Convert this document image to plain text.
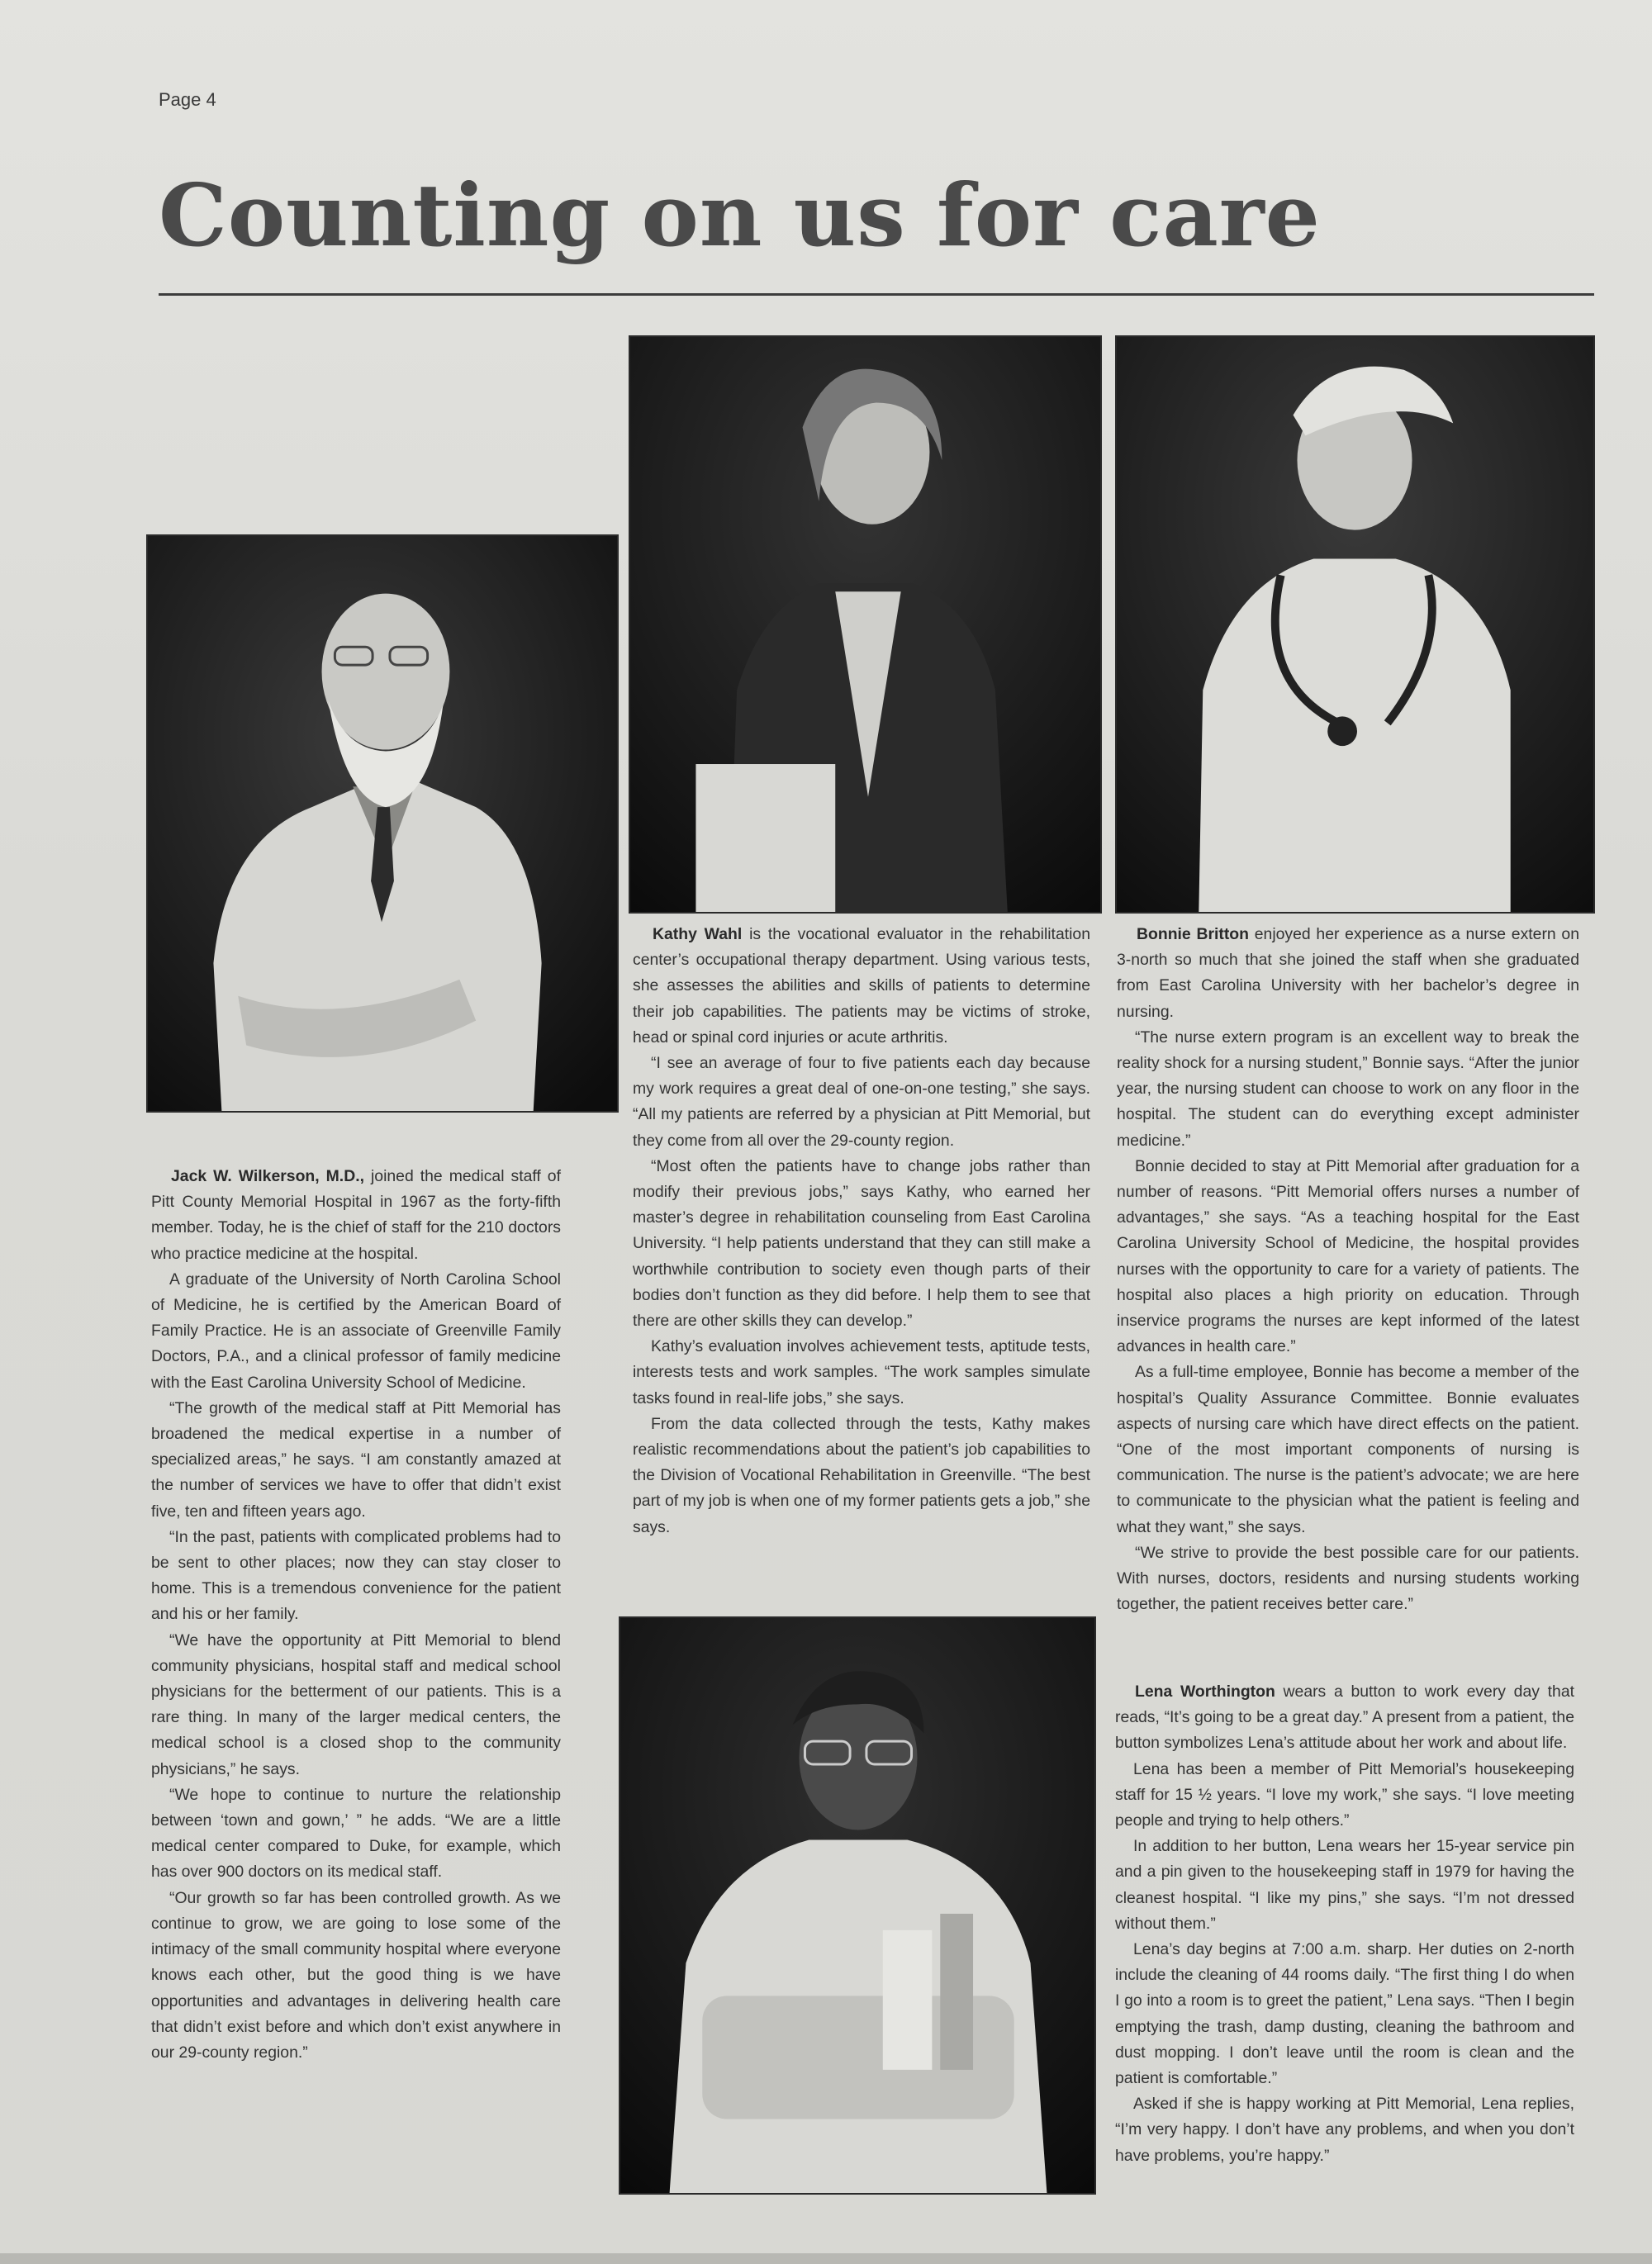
Page 4
Counting on us for care

Jack W. Wilkerson, M.D., joined the medical staff of Pitt County Memorial Hospital in 1967 as the forty-fifth member. Today, he is the chief of staff for the 210 doctors who practice medicine at the hospital.

A graduate of the University of North Carolina School of Medicine, he is certified by the American Board of Family Practice. He is an associate of Greenville Family Doctors, P.A., and a clinical professor of family medicine with the East Carolina University School of Medicine.

“The growth of the medical staff at Pitt Memorial has broadened the medical expertise in a number of specialized areas,” he says. “I am constantly amazed at the number of services we have to offer that didn’t exist five, ten and fifteen years ago.

“In the past, patients with complicated problems had to be sent to other places; now they can stay closer to home. This is a tremendous convenience for the patient and his or her family.

“We have the opportunity at Pitt Memorial to blend community physicians, hospital staff and medical school physicians for the betterment of our patients. This is a rare thing. In many of the larger medical centers, the medical school is a closed shop to the community physicians,” he says.

“We hope to continue to nurture the relationship between ‘town and gown,’ ” he adds. “We are a little medical center compared to Duke, for example, which has over 900 doctors on its medical staff.

“Our growth so far has been controlled growth. As we continue to grow, we are going to lose some of the intimacy of the small community hospital where everyone knows each other, but the good thing is we have opportunities and advantages in delivering health care that didn’t exist before and which don’t exist anywhere in our 29-county region.”

Kathy Wahl is the vocational evaluator in the rehabilitation center’s occupational therapy department. Using various tests, she assesses the abilities and skills of patients to determine their job capabilities. The patients may be victims of stroke, head or spinal cord injuries or acute arthritis.

“I see an average of four to five patients each day because my work requires a great deal of one-on-one testing,” she says. “All my patients are referred by a physician at Pitt Memorial, but they come from all over the 29-county region.

“Most often the patients have to change jobs rather than modify their previous jobs,” says Kathy, who earned her master’s degree in rehabilitation counseling from East Carolina University. “I help patients understand that they can still make a worthwhile contribution to society even though parts of their bodies don’t function as they did before. I help them to see that there are other skills they can develop.”

Kathy’s evaluation involves achievement tests, aptitude tests, interests tests and work samples. “The work samples simulate tasks found in real-life jobs,” she says.

From the data collected through the tests, Kathy makes realistic recommendations about the patient’s job capabilities to the Division of Vocational Rehabilitation in Greenville. “The best part of my job is when one of my former patients gets a job,” she says.

Bonnie Britton enjoyed her experience as a nurse extern on 3-north so much that she joined the staff when she graduated from East Carolina University with her bachelor’s degree in nursing.

“The nurse extern program is an excellent way to break the reality shock for a nursing student,” Bonnie says. “After the junior year, the nursing student can choose to work on any floor in the hospital. The student can do everything except administer medicine.”

Bonnie decided to stay at Pitt Memorial after graduation for a number of reasons. “Pitt Memorial offers nurses a number of advantages,” she says. “As a teaching hospital for the East Carolina University School of Medicine, the hospital provides nurses with the opportunity to care for a variety of patients. The hospital also places a high priority on education. Through inservice programs the nurses are kept informed of the latest advances in health care.”

As a full-time employee, Bonnie has become a member of the hospital’s Quality Assurance Committee. Bonnie evaluates aspects of nursing care which have direct effects on the patient. “One of the most important components of nursing is communication. The nurse is the patient’s advocate; we are here to communicate to the physician what the patient is feeling and what they want,” she says.

“We strive to provide the best possible care for our patients. With nurses, doctors, residents and nursing students working together, the patient receives better care.”

Lena Worthington wears a button to work every day that reads, “It’s going to be a great day.” A present from a patient, the button symbolizes Lena’s attitude about her work and about life.

Lena has been a member of Pitt Memorial’s housekeeping staff for 15 ½ years. “I love my work,” she says. “I love meeting people and trying to help others.”

In addition to her button, Lena wears her 15-year service pin and a pin given to the housekeeping staff in 1979 for having the cleanest hospital. “I like my pins,” she says. “I’m not dressed without them.”

Lena’s day begins at 7:00 a.m. sharp. Her duties on 2-north include the cleaning of 44 rooms daily. “The first thing I do when I go into a room is to greet the patient,” Lena says. “Then I begin emptying the trash, damp dusting, cleaning the bathroom and dust mopping. I don’t leave until the room is clean and the patient is comfortable.”

Asked if she is happy working at Pitt Memorial, Lena replies, “I’m very happy. I don’t have any problems, and when you don’t have problems, you’re happy.”
